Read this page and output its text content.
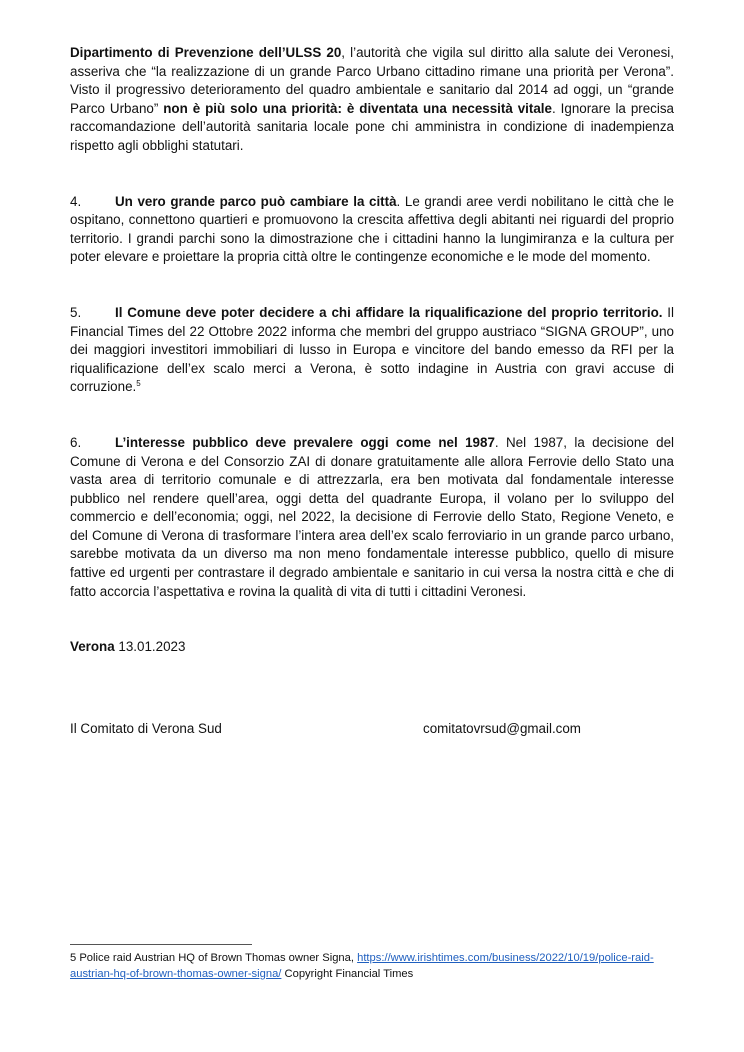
Dipartimento di Prevenzione dell’ULSS 20, l’autorità che vigila sul diritto alla salute dei Veronesi, asseriva che “la realizzazione di un grande Parco Urbano cittadino rimane una priorità per Verona”. Visto il progressivo deterioramento del quadro ambientale e sanitario dal 2014 ad oggi, un “grande Parco Urbano” non è più solo una priorità: è diventata una necessità vitale. Ignorare la precisa raccomandazione dell’autorità sanitaria locale pone chi amministra in condizione di inadempienza rispetto agli obblighi statutari.

4.	Un vero grande parco può cambiare la città. Le grandi aree verdi nobilitano le città che le ospitano, connettono quartieri e promuovono la crescita affettiva degli abitanti nei riguardi del proprio territorio. I grandi parchi sono la dimostrazione che i cittadini hanno la lungimiranza e la cultura per poter elevare e proiettare la propria città oltre le contingenze economiche e le mode del momento.

5.	Il Comune deve poter decidere a chi affidare la riqualificazione del proprio territorio. Il Financial Times del 22 Ottobre 2022 informa che membri del gruppo austriaco “SIGNA GROUP”, uno dei maggiori investitori immobiliari di lusso in Europa e vincitore del bando emesso da RFI per la riqualificazione dell’ex scalo merci a Verona, è sotto indagine in Austria con gravi accuse di corruzione.$^5$

6.	L’interesse pubblico deve prevalere oggi come nel 1987. Nel 1987, la decisione del Comune di Verona e del Consorzio ZAI di donare gratuitamente alle allora Ferrovie dello Stato una vasta area di territorio comunale e di attrezzarla, era ben motivata dal fondamentale interesse pubblico nel rendere quell’area, oggi detta del quadrante Europa, il volano per lo sviluppo del commercio e dell’economia; oggi, nel 2022, la decisione di Ferrovie dello Stato, Regione Veneto, e del Comune di Verona di trasformare l’intera area dell’ex scalo ferroviario in un grande parco urbano, sarebbe motivata da un diverso ma non meno fondamentale interesse pubblico, quello di misure fattive ed urgenti per contrastare il degrado ambientale e sanitario in cui versa la nostra città e che di fatto accorcia l’aspettativa e rovina la qualità di vita di tutti i cittadini Veronesi.

Verona 13.01.2023

Il Comitato di Verona Sud	comitatovrsud@gmail.com
5 Police raid Austrian HQ of Brown Thomas owner Signa, https://www.irishtimes.com/business/2022/10/19/police-raid-austrian-hq-of-brown-thomas-owner-signa/ Copyright Financial Times
